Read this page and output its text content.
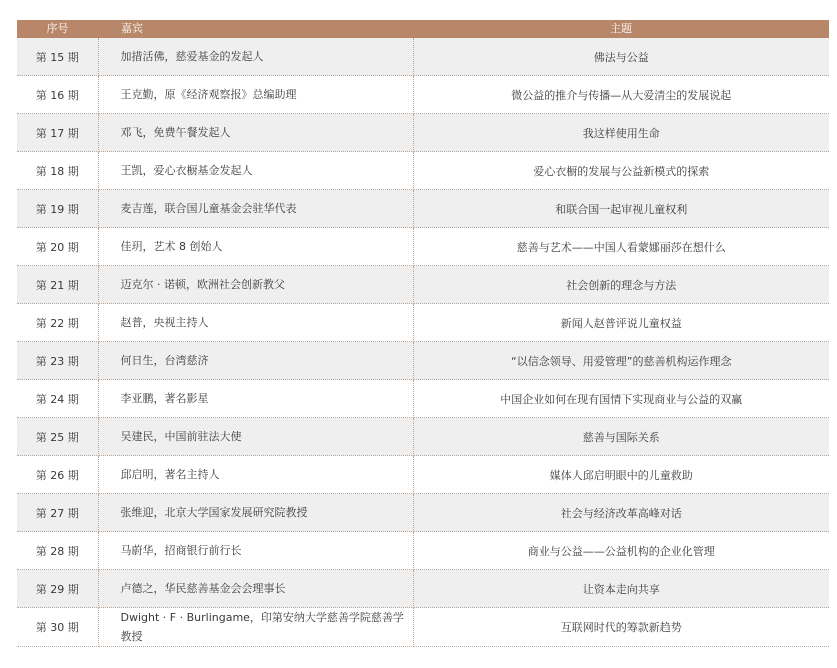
序号	嘉宾	主题
第 15 期	加措活佛，慈爱基金的发起人	佛法与公益
第 16 期	王克勤，原《经济观察报》总编助理	微公益的推介与传播—从大爱清尘的发展说起
第 17 期	邓飞，免费午餐发起人	我这样使用生命
第 18 期	王凯，爱心衣橱基金发起人	爱心衣橱的发展与公益新模式的探索
第 19 期	麦吉莲，联合国儿童基金会驻华代表	和联合国一起审视儿童权利
第 20 期	佳玥，艺术 8 创始人	慈善与艺术——中国人看蒙娜丽莎在想什么
第 21 期	迈克尔 · 诺顿，欧洲社会创新教父	社会创新的理念与方法
第 22 期	赵普，央视主持人	新闻人赵普评说儿童权益
第 23 期	何日生，台湾慈济	“以信念领导、用爱管理”的慈善机构运作理念
第 24 期	李亚鹏，著名影星	中国企业如何在现有国情下实现商业与公益的双赢
第 25 期	吴建民，中国前驻法大使	慈善与国际关系
第 26 期	邱启明，著名主持人	媒体人邱启明眼中的儿童救助
第 27 期	张维迎，北京大学国家发展研究院教授	社会与经济改革高峰对话
第 28 期	马蔚华，招商银行前行长	商业与公益——公益机构的企业化管理
第 29 期	卢德之，华民慈善基金会会理事长	让资本走向共享
第 30 期	Dwight · F · Burlingame，印第安纳大学慈善学院慈善学教授	互联网时代的筹款新趋势
